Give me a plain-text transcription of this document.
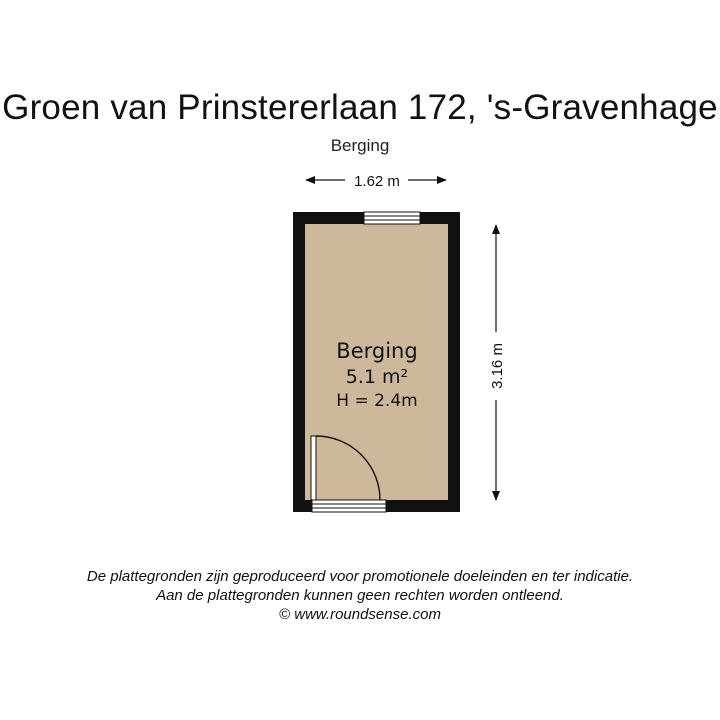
Groen van Prinstererlaan 172, 's-Gravenhage
Berging
1.62 m
3.16 m
Berging
5.1 m²
H = 2.4m
De plattegronden zijn geproduceerd voor promotionele doeleinden en ter indicatie.
Aan de plattegronden kunnen geen rechten worden ontleend.
© www.roundsense.com
